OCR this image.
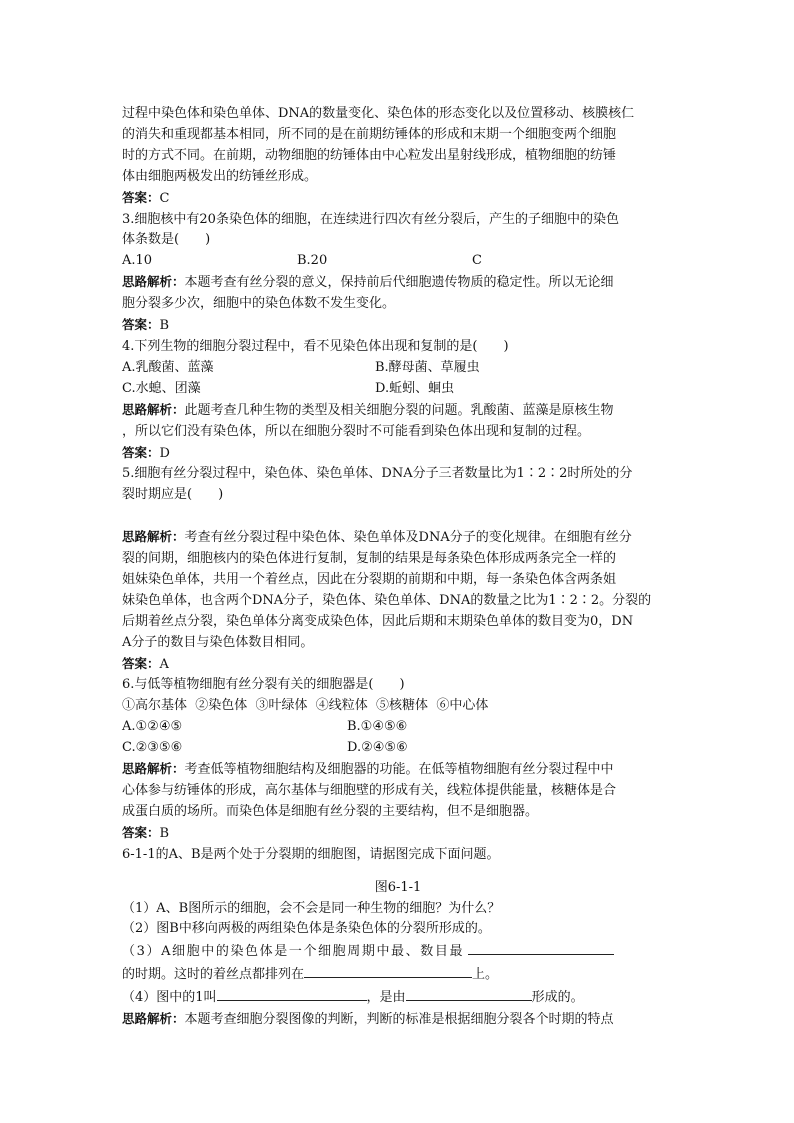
过程中染色体和染色单体、DNA的数量变化、染色体的形态变化以及位置移动、核膜核仁

的消失和重现都基本相同，所不同的是在前期纺锤体的形成和末期一个细胞变两个细胞

时的方式不同。在前期，动物细胞的纺锤体由中心粒发出星射线形成，植物细胞的纺锤

体由细胞两极发出的纺锤丝形成。

答案：C

3.细胞核中有20条染色体的细胞，在连续进行四次有丝分裂后，产生的子细胞中的染色

体条数是(　　)

A.10	B.20	C

思路解析：本题考查有丝分裂的意义，保持前后代细胞遗传物质的稳定性。所以无论细

胞分裂多少次，细胞中的染色体数不发生变化。

答案：B

4.下列生物的细胞分裂过程中，看不见染色体出现和复制的是(　　)

A.乳酸菌、蓝藻	B.酵母菌、草履虫
C.水螅、团藻	D.蚯蚓、蛔虫

思路解析：此题考查几种生物的类型及相关细胞分裂的问题。乳酸菌、蓝藻是原核生物

，所以它们没有染色体，所以在细胞分裂时不可能看到染色体出现和复制的过程。

答案：D

5.细胞有丝分裂过程中，染色体、染色单体、DNA分子三者数量比为1∶2∶2时所处的分

裂时期应是(　　)

思路解析：考查有丝分裂过程中染色体、染色单体及DNA分子的变化规律。在细胞有丝分

裂的间期，细胞核内的染色体进行复制，复制的结果是每条染色体形成两条完全一样的

姐妹染色单体，共用一个着丝点，因此在分裂期的前期和中期，每一条染色体含两条姐

妹染色单体，也含两个DNA分子，染色体、染色单体、DNA的数量之比为1∶2∶2。分裂的

后期着丝点分裂，染色单体分离变成染色体，因此后期和末期染色单体的数目变为0，DN

A分子的数目与染色体数目相同。

答案：A

6.与低等植物细胞有丝分裂有关的细胞器是(　　)

①高尔基体  ②染色体  ③叶绿体  ④线粒体  ⑤核糖体  ⑥中心体

A.①②④⑤	B.①④⑤⑥
C.②③⑤⑥	D.②④⑤⑥

思路解析：考查低等植物细胞结构及细胞器的功能。在低等植物细胞有丝分裂过程中中

心体参与纺锤体的形成，高尔基体与细胞壁的形成有关，线粒体提供能量，核糖体是合

成蛋白质的场所。而染色体是细胞有丝分裂的主要结构，但不是细胞器。

答案：B

6-1-1的A、B是两个处于分裂期的细胞图，请据图完成下面问题。

图6-1-1

（1）A、B图所示的细胞，会不会是同一种生物的细胞？为什么？

（2）图B中移向两极的两组染色体是条染色体的分裂所形成的。

（3）A细胞中的染色体是一个细胞周期中最、数目最

的时期。这时的着丝点都排列在	上。

（4）图中的1叫	，是由	形成的。

思路解析：本题考查细胞分裂图像的判断，判断的标准是根据细胞分裂各个时期的特点
